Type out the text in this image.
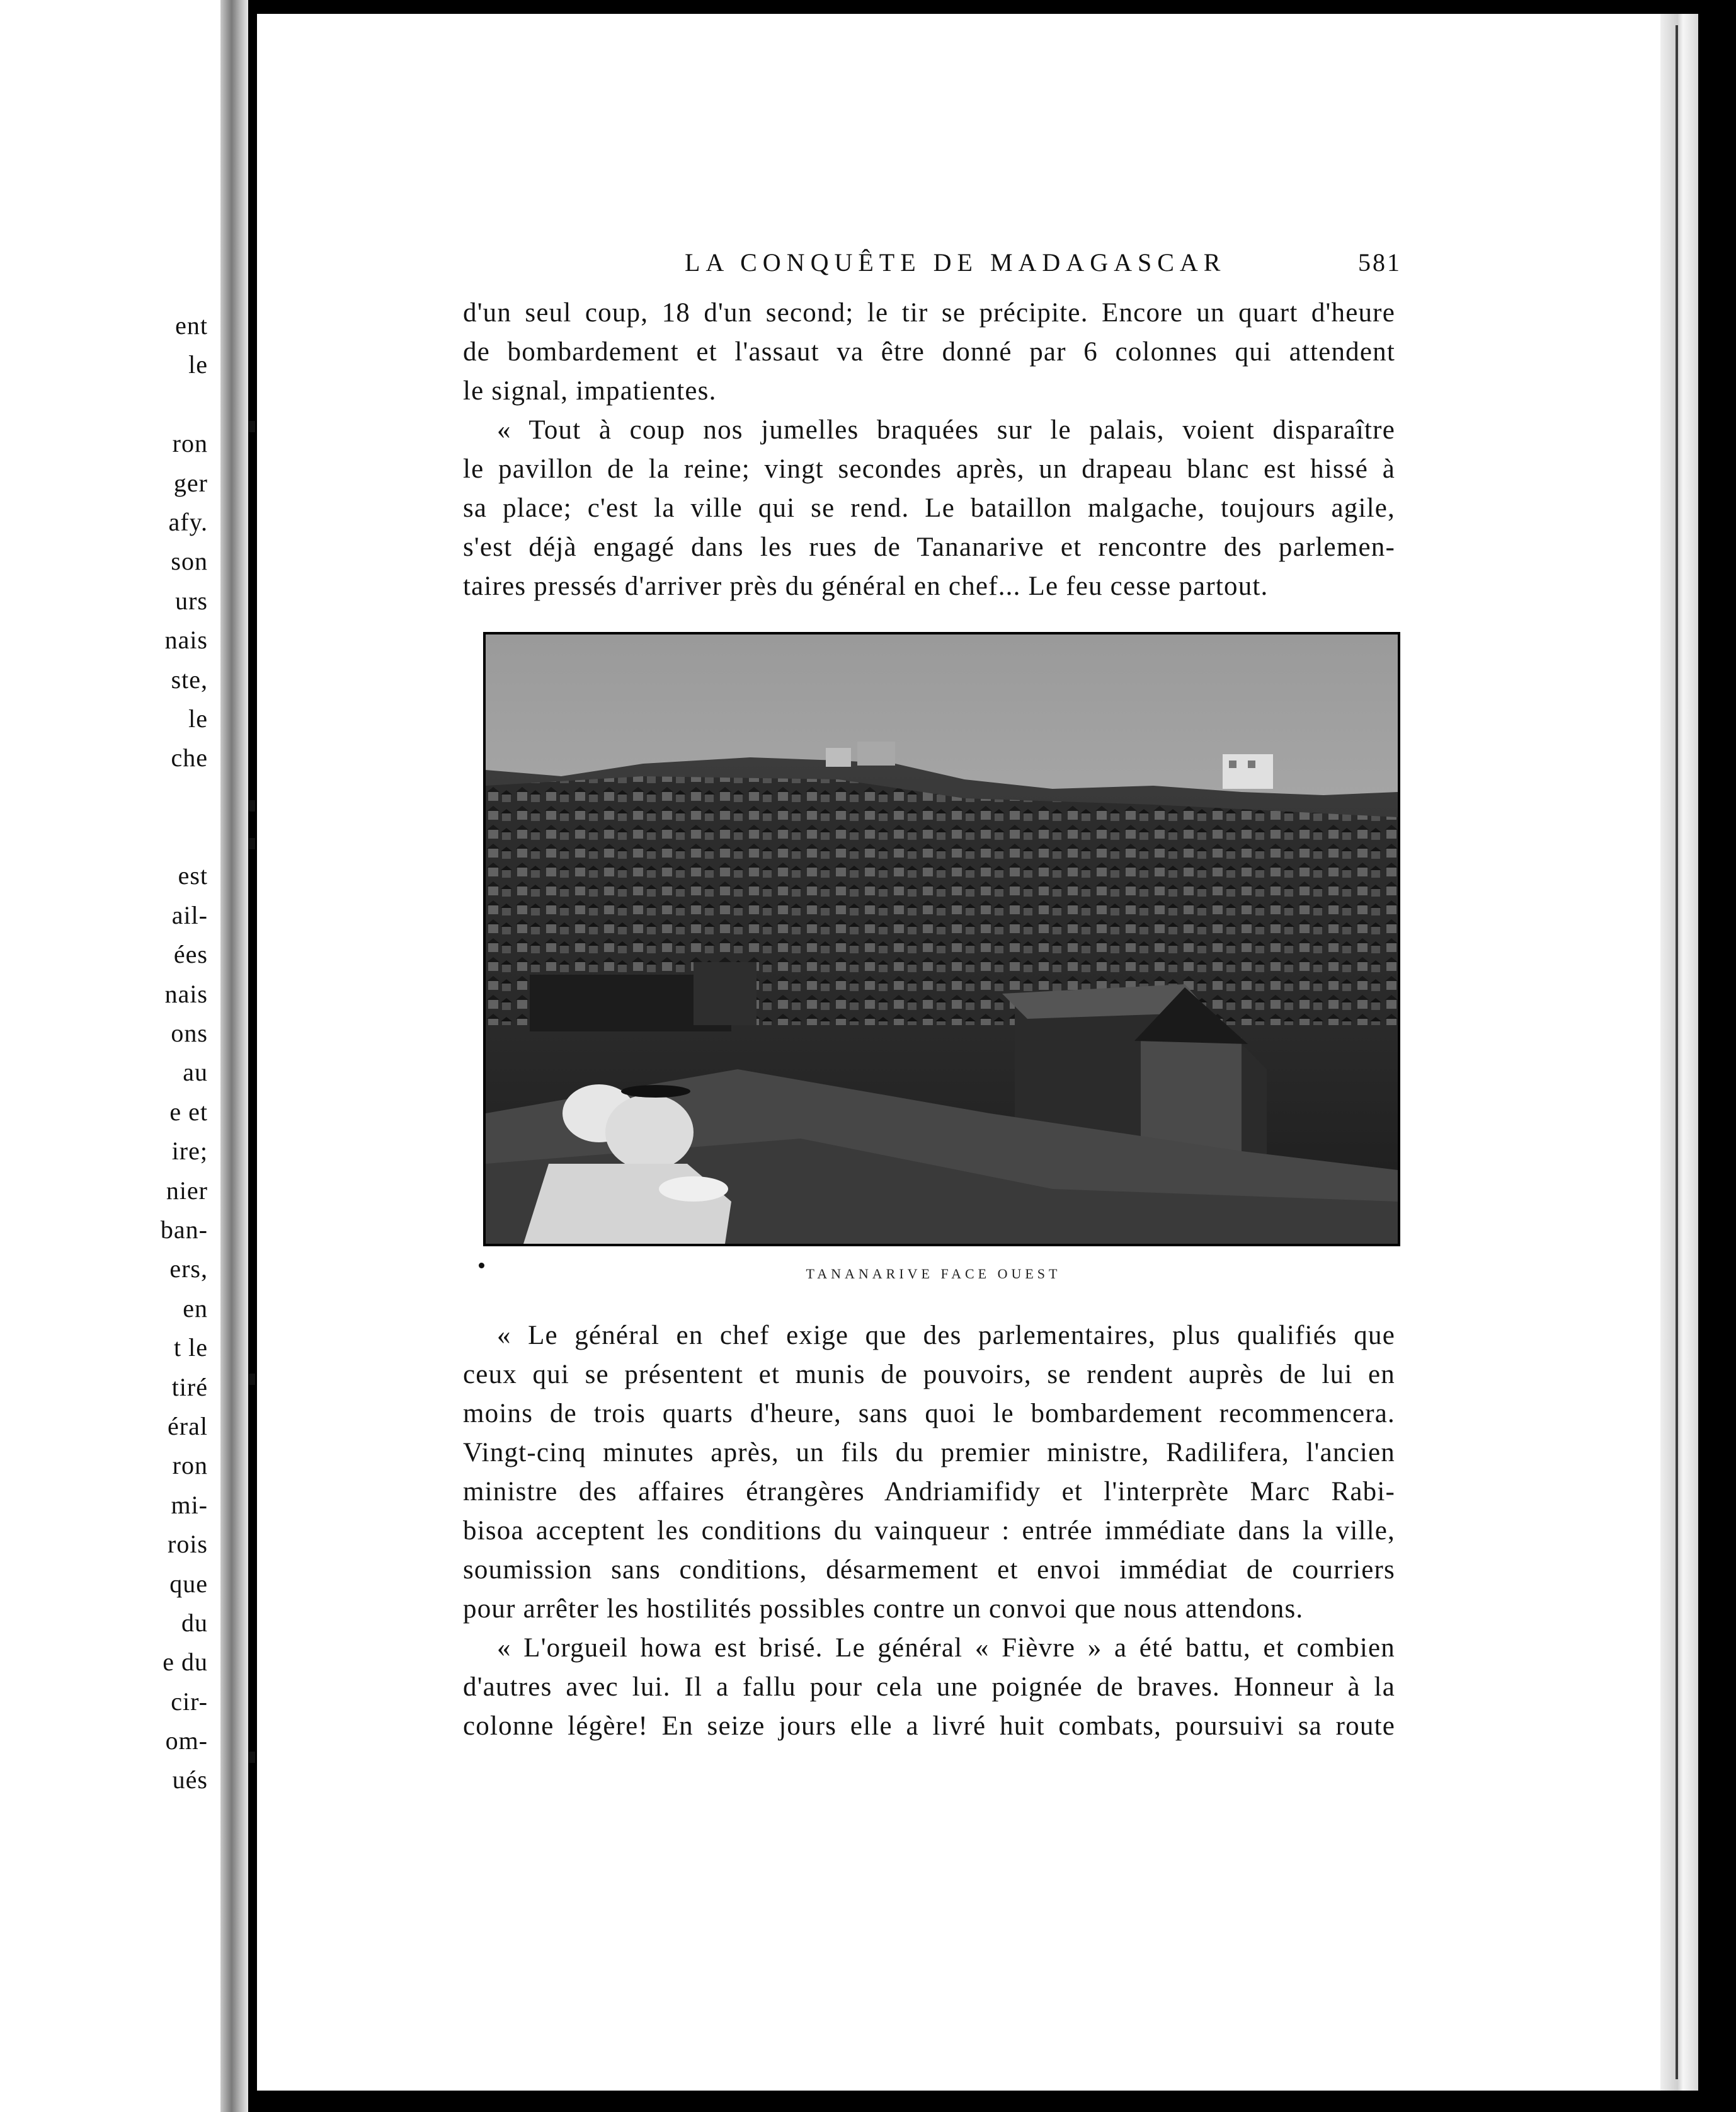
ent
le
ron
ger
afy.
son
urs
nais
ste,
le
che
est
ail-
ées
nais
ons
au
e et
ire;
nier
ban-
ers,
en
t le
tiré
éral
ron
mi-
rois
que
du
e du
cir-
om-
ués
LA CONQUÊTE DE MADAGASCAR	581
d'un seul coup, 18 d'un second; le tir se précipite. Encore un quart d'heure
de bombardement et l'assaut va être donné par 6 colonnes qui attendent
le signal, impatientes.
« Tout à coup nos jumelles braquées sur le palais, voient disparaître
le pavillon de la reine; vingt secondes après, un drapeau blanc est hissé à
sa place; c'est la ville qui se rend. Le bataillon malgache, toujours agile,
s'est déjà engagé dans les rues de Tananarive et rencontre des parlemen-
taires pressés d'arriver près du général en chef... Le feu cesse partout.
TANANARIVE FACE OUEST
« Le général en chef exige que des parlementaires, plus qualifiés que
ceux qui se présentent et munis de pouvoirs, se rendent auprès de lui en
moins de trois quarts d'heure, sans quoi le bombardement recommencera.
Vingt-cinq minutes après, un fils du premier ministre, Radilifera, l'ancien
ministre des affaires étrangères Andriamifidy et l'interprète Marc Rabi-
bisoa acceptent les conditions du vainqueur : entrée immédiate dans la ville,
soumission sans conditions, désarmement et envoi immédiat de courriers
pour arrêter les hostilités possibles contre un convoi que nous attendons.
« L'orgueil howa est brisé. Le général « Fièvre » a été battu, et combien
d'autres avec lui. Il a fallu pour cela une poignée de braves. Honneur à la
colonne légère! En seize jours elle a livré huit combats, poursuivi sa route
